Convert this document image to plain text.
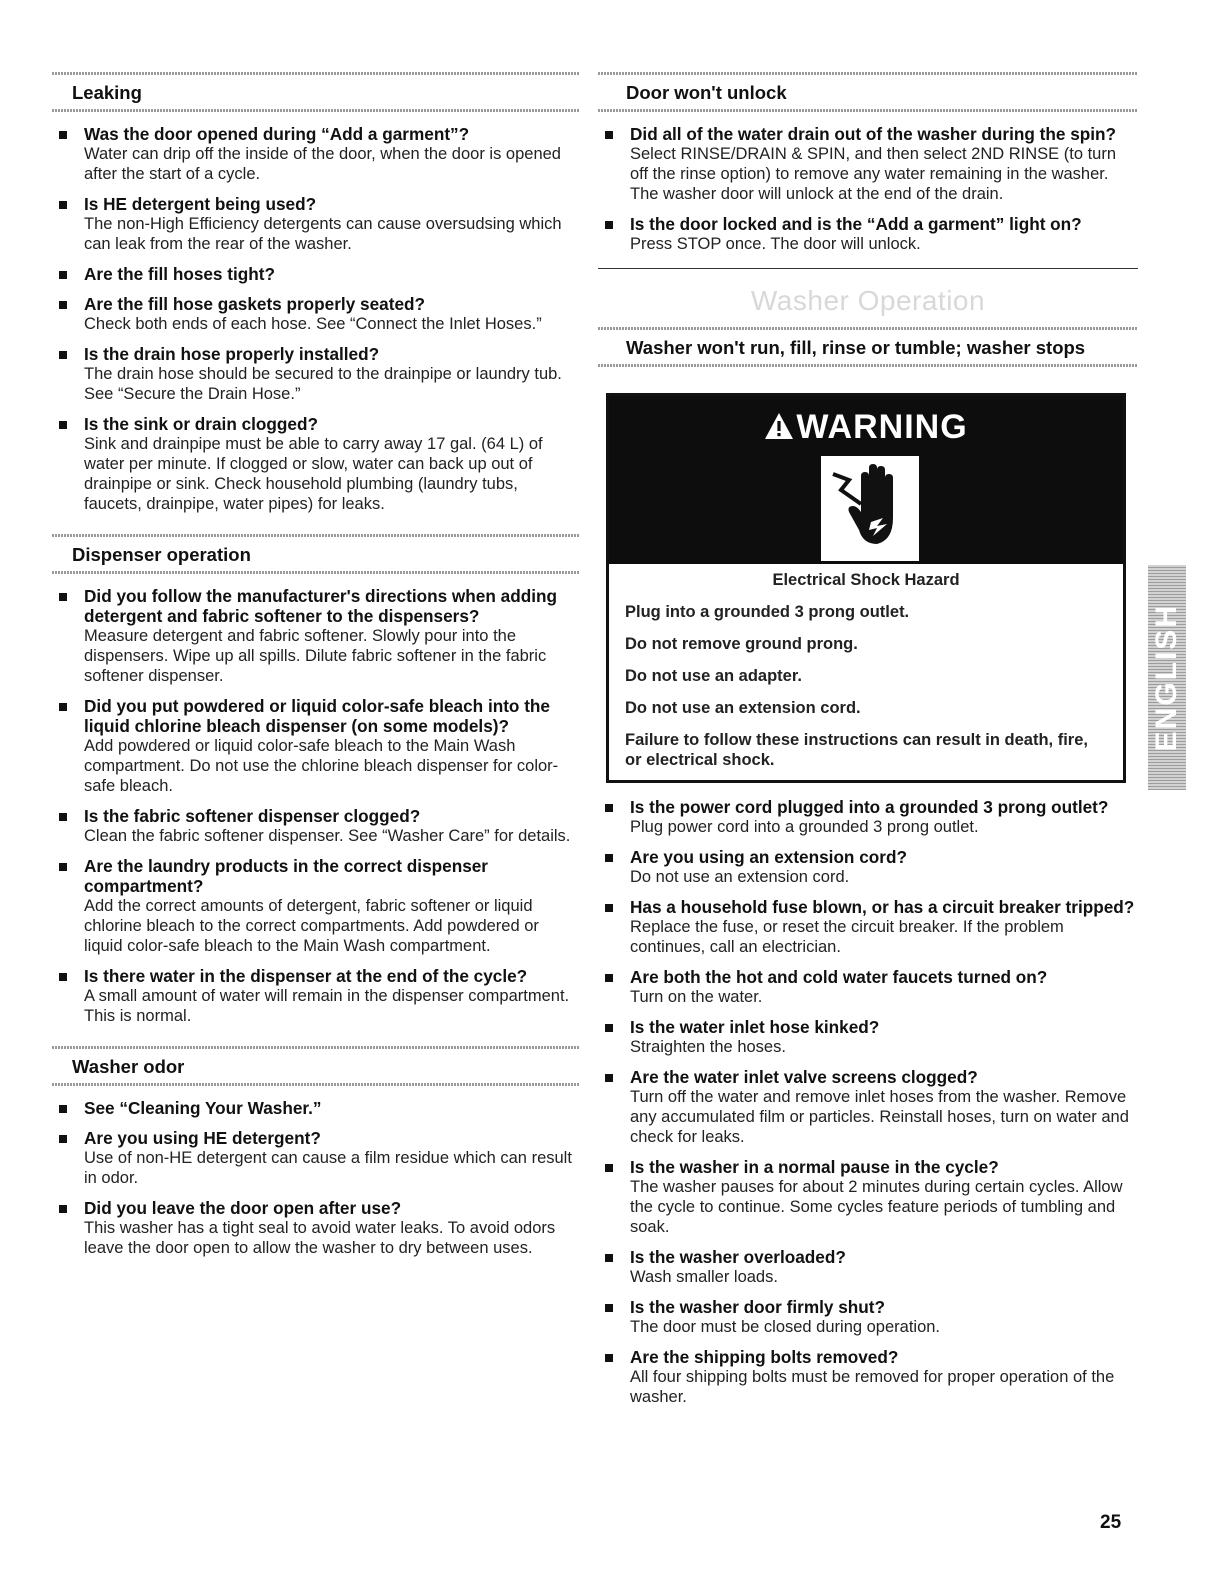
Leaking
Was the door opened during “Add a garment”?
Water can drip off the inside of the door, when the door is opened after the start of a cycle.
Is HE detergent being used?
The non-High Efficiency detergents can cause oversudsing which can leak from the rear of the washer.
Are the fill hoses tight?
Are the fill hose gaskets properly seated?
Check both ends of each hose. See “Connect the Inlet Hoses.”
Is the drain hose properly installed?
The drain hose should be secured to the drainpipe or laundry tub. See “Secure the Drain Hose.”
Is the sink or drain clogged?
Sink and drainpipe must be able to carry away 17 gal. (64 L) of water per minute. If clogged or slow, water can back up out of drainpipe or sink. Check household plumbing (laundry tubs, faucets, drainpipe, water pipes) for leaks.
Dispenser operation
Did you follow the manufacturer's directions when adding detergent and fabric softener to the dispensers?
Measure detergent and fabric softener. Slowly pour into the dispensers. Wipe up all spills. Dilute fabric softener in the fabric softener dispenser.
Did you put powdered or liquid color-safe bleach into the liquid chlorine bleach dispenser (on some models)?
Add powdered or liquid color-safe bleach to the Main Wash compartment. Do not use the chlorine bleach dispenser for color-safe bleach.
Is the fabric softener dispenser clogged?
Clean the fabric softener dispenser. See “Washer Care” for details.
Are the laundry products in the correct dispenser compartment?
Add the correct amounts of detergent, fabric softener or liquid chlorine bleach to the correct compartments. Add powdered or liquid color-safe bleach to the Main Wash compartment.
Is there water in the dispenser at the end of the cycle?
A small amount of water will remain in the dispenser compartment. This is normal.
Washer odor
See “Cleaning Your Washer.”
Are you using HE detergent?
Use of non-HE detergent can cause a film residue which can result in odor.
Did you leave the door open after use?
This washer has a tight seal to avoid water leaks. To avoid odors leave the door open to allow the washer to dry between uses.
Door won't unlock
Did all of the water drain out of the washer during the spin?
Select RINSE/DRAIN & SPIN, and then select 2ND RINSE (to turn off the rinse option) to remove any water remaining in the washer. The washer door will unlock at the end of the drain.
Is the door locked and is the “Add a garment” light on?
Press STOP once. The door will unlock.
Washer Operation
Washer won't run, fill, rinse or tumble; washer stops
WARNING
Electrical Shock Hazard
Plug into a grounded 3 prong outlet.
Do not remove ground prong.
Do not use an adapter.
Do not use an extension cord.
Failure to follow these instructions can result in death, fire, or electrical shock.
Is the power cord plugged into a grounded 3 prong outlet?
Plug power cord into a grounded 3 prong outlet.
Are you using an extension cord?
Do not use an extension cord.
Has a household fuse blown, or has a circuit breaker tripped?
Replace the fuse, or reset the circuit breaker. If the problem continues, call an electrician.
Are both the hot and cold water faucets turned on?
Turn on the water.
Is the water inlet hose kinked?
Straighten the hoses.
Are the water inlet valve screens clogged?
Turn off the water and remove inlet hoses from the washer. Remove any accumulated film or particles. Reinstall hoses, turn on water and check for leaks.
Is the washer in a normal pause in the cycle?
The washer pauses for about 2 minutes during certain cycles. Allow the cycle to continue. Some cycles feature periods of tumbling and soak.
Is the washer overloaded?
Wash smaller loads.
Is the washer door firmly shut?
The door must be closed during operation.
Are the shipping bolts removed?
All four shipping bolts must be removed for proper operation of the washer.
ENGLISH
25
